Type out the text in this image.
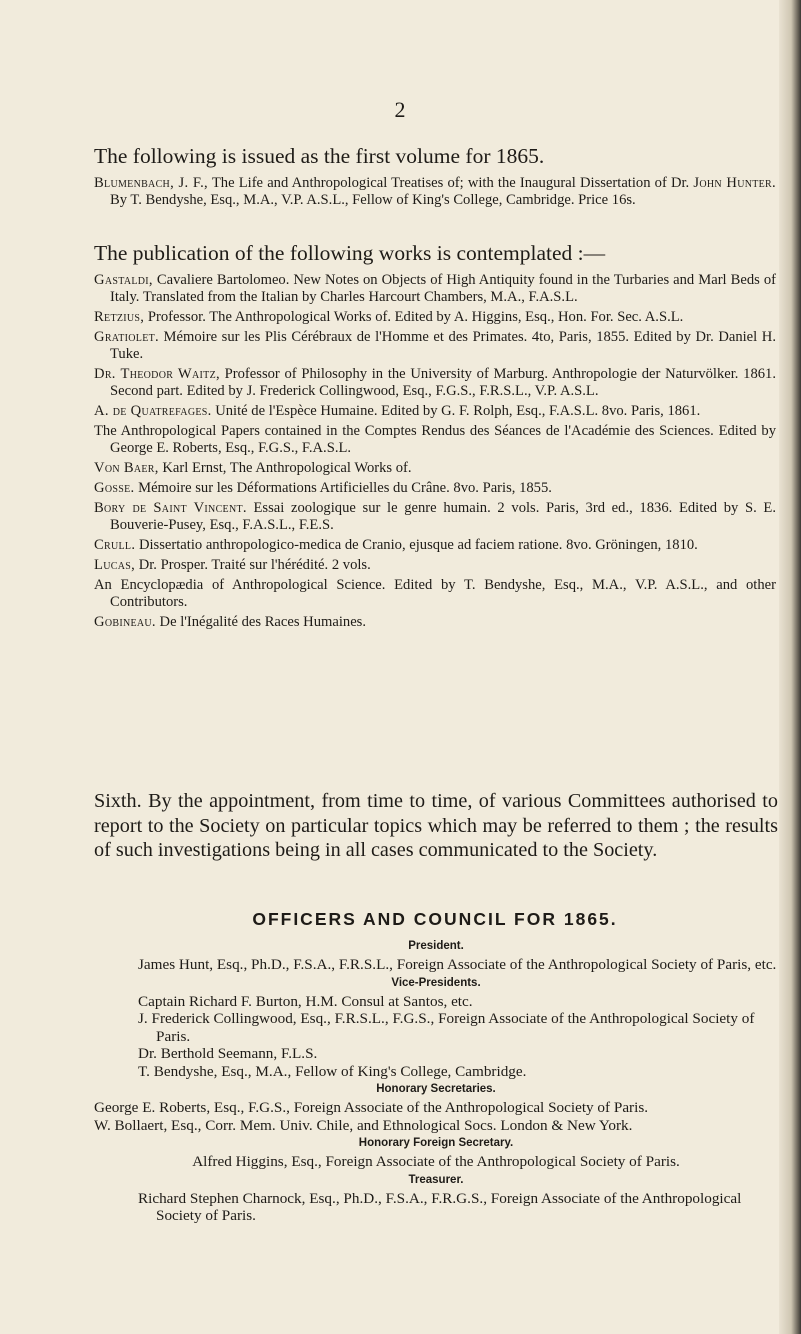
2
The following is issued as the first volume for 1865.

Blumenbach, J. F., The Life and Anthropological Treatises of; with the Inaugural Dissertation of Dr. John Hunter. By T. Bendyshe, Esq., M.A., V.P. A.S.L., Fellow of King's College, Cambridge. Price 16s.

The publication of the following works is contemplated :—

Gastaldi, Cavaliere Bartolomeo. New Notes on Objects of High Antiquity found in the Turbaries and Marl Beds of Italy. Translated from the Italian by Charles Harcourt Chambers, M.A., F.A.S.L.

Retzius, Professor. The Anthropological Works of. Edited by A. Higgins, Esq., Hon. For. Sec. A.S.L.

Gratiolet. Mémoire sur les Plis Cérébraux de l'Homme et des Primates. 4to, Paris, 1855. Edited by Dr. Daniel H. Tuke.

Dr. Theodor Waitz, Professor of Philosophy in the University of Marburg. Anthropologie der Naturvölker. 1861. Second part. Edited by J. Frederick Collingwood, Esq., F.G.S., F.R.S.L., V.P. A.S.L.

A. de Quatrefages. Unité de l'Espèce Humaine. Edited by G. F. Rolph, Esq., F.A.S.L. 8vo. Paris, 1861.

The Anthropological Papers contained in the Comptes Rendus des Séances de l'Académie des Sciences. Edited by George E. Roberts, Esq., F.G.S., F.A.S.L.

Von Baer, Karl Ernst, The Anthropological Works of.

Gosse. Mémoire sur les Déformations Artificielles du Crâne. 8vo. Paris, 1855.

Bory de Saint Vincent. Essai zoologique sur le genre humain. 2 vols. Paris, 3rd ed., 1836. Edited by S. E. Bouverie-Pusey, Esq., F.A.S.L., F.E.S.

Crull. Dissertatio anthropologico-medica de Cranio, ejusque ad faciem ratione. 8vo. Gröningen, 1810.

Lucas, Dr. Prosper. Traité sur l'hérédité. 2 vols.

An Encyclopædia of Anthropological Science. Edited by T. Bendyshe, Esq., M.A., V.P. A.S.L., and other Contributors.

Gobineau. De l'Inégalité des Races Humaines.

Sixth. By the appointment, from time to time, of various Committees authorised to report to the Society on particular topics which may be referred to them ; the results of such investigations being in all cases communicated to the Society.
OFFICERS AND COUNCIL FOR 1865.
President.

James Hunt, Esq., Ph.D., F.S.A., F.R.S.L., Foreign Associate of the Anthropological Society of Paris, etc.

Vice-Presidents.

Captain Richard F. Burton, H.M. Consul at Santos, etc.

J. Frederick Collingwood, Esq., F.R.S.L., F.G.S., Foreign Associate of the Anthropological Society of Paris.

Dr. Berthold Seemann, F.L.S.

T. Bendyshe, Esq., M.A., Fellow of King's College, Cambridge.

Honorary Secretaries.

George E. Roberts, Esq., F.G.S., Foreign Associate of the Anthropological Society of Paris.

W. Bollaert, Esq., Corr. Mem. Univ. Chile, and Ethnological Socs. London & New York.

Honorary Foreign Secretary.

Alfred Higgins, Esq., Foreign Associate of the Anthropological Society of Paris.

Treasurer.

Richard Stephen Charnock, Esq., Ph.D., F.S.A., F.R.G.S., Foreign Associate of the Anthropological Society of Paris.
